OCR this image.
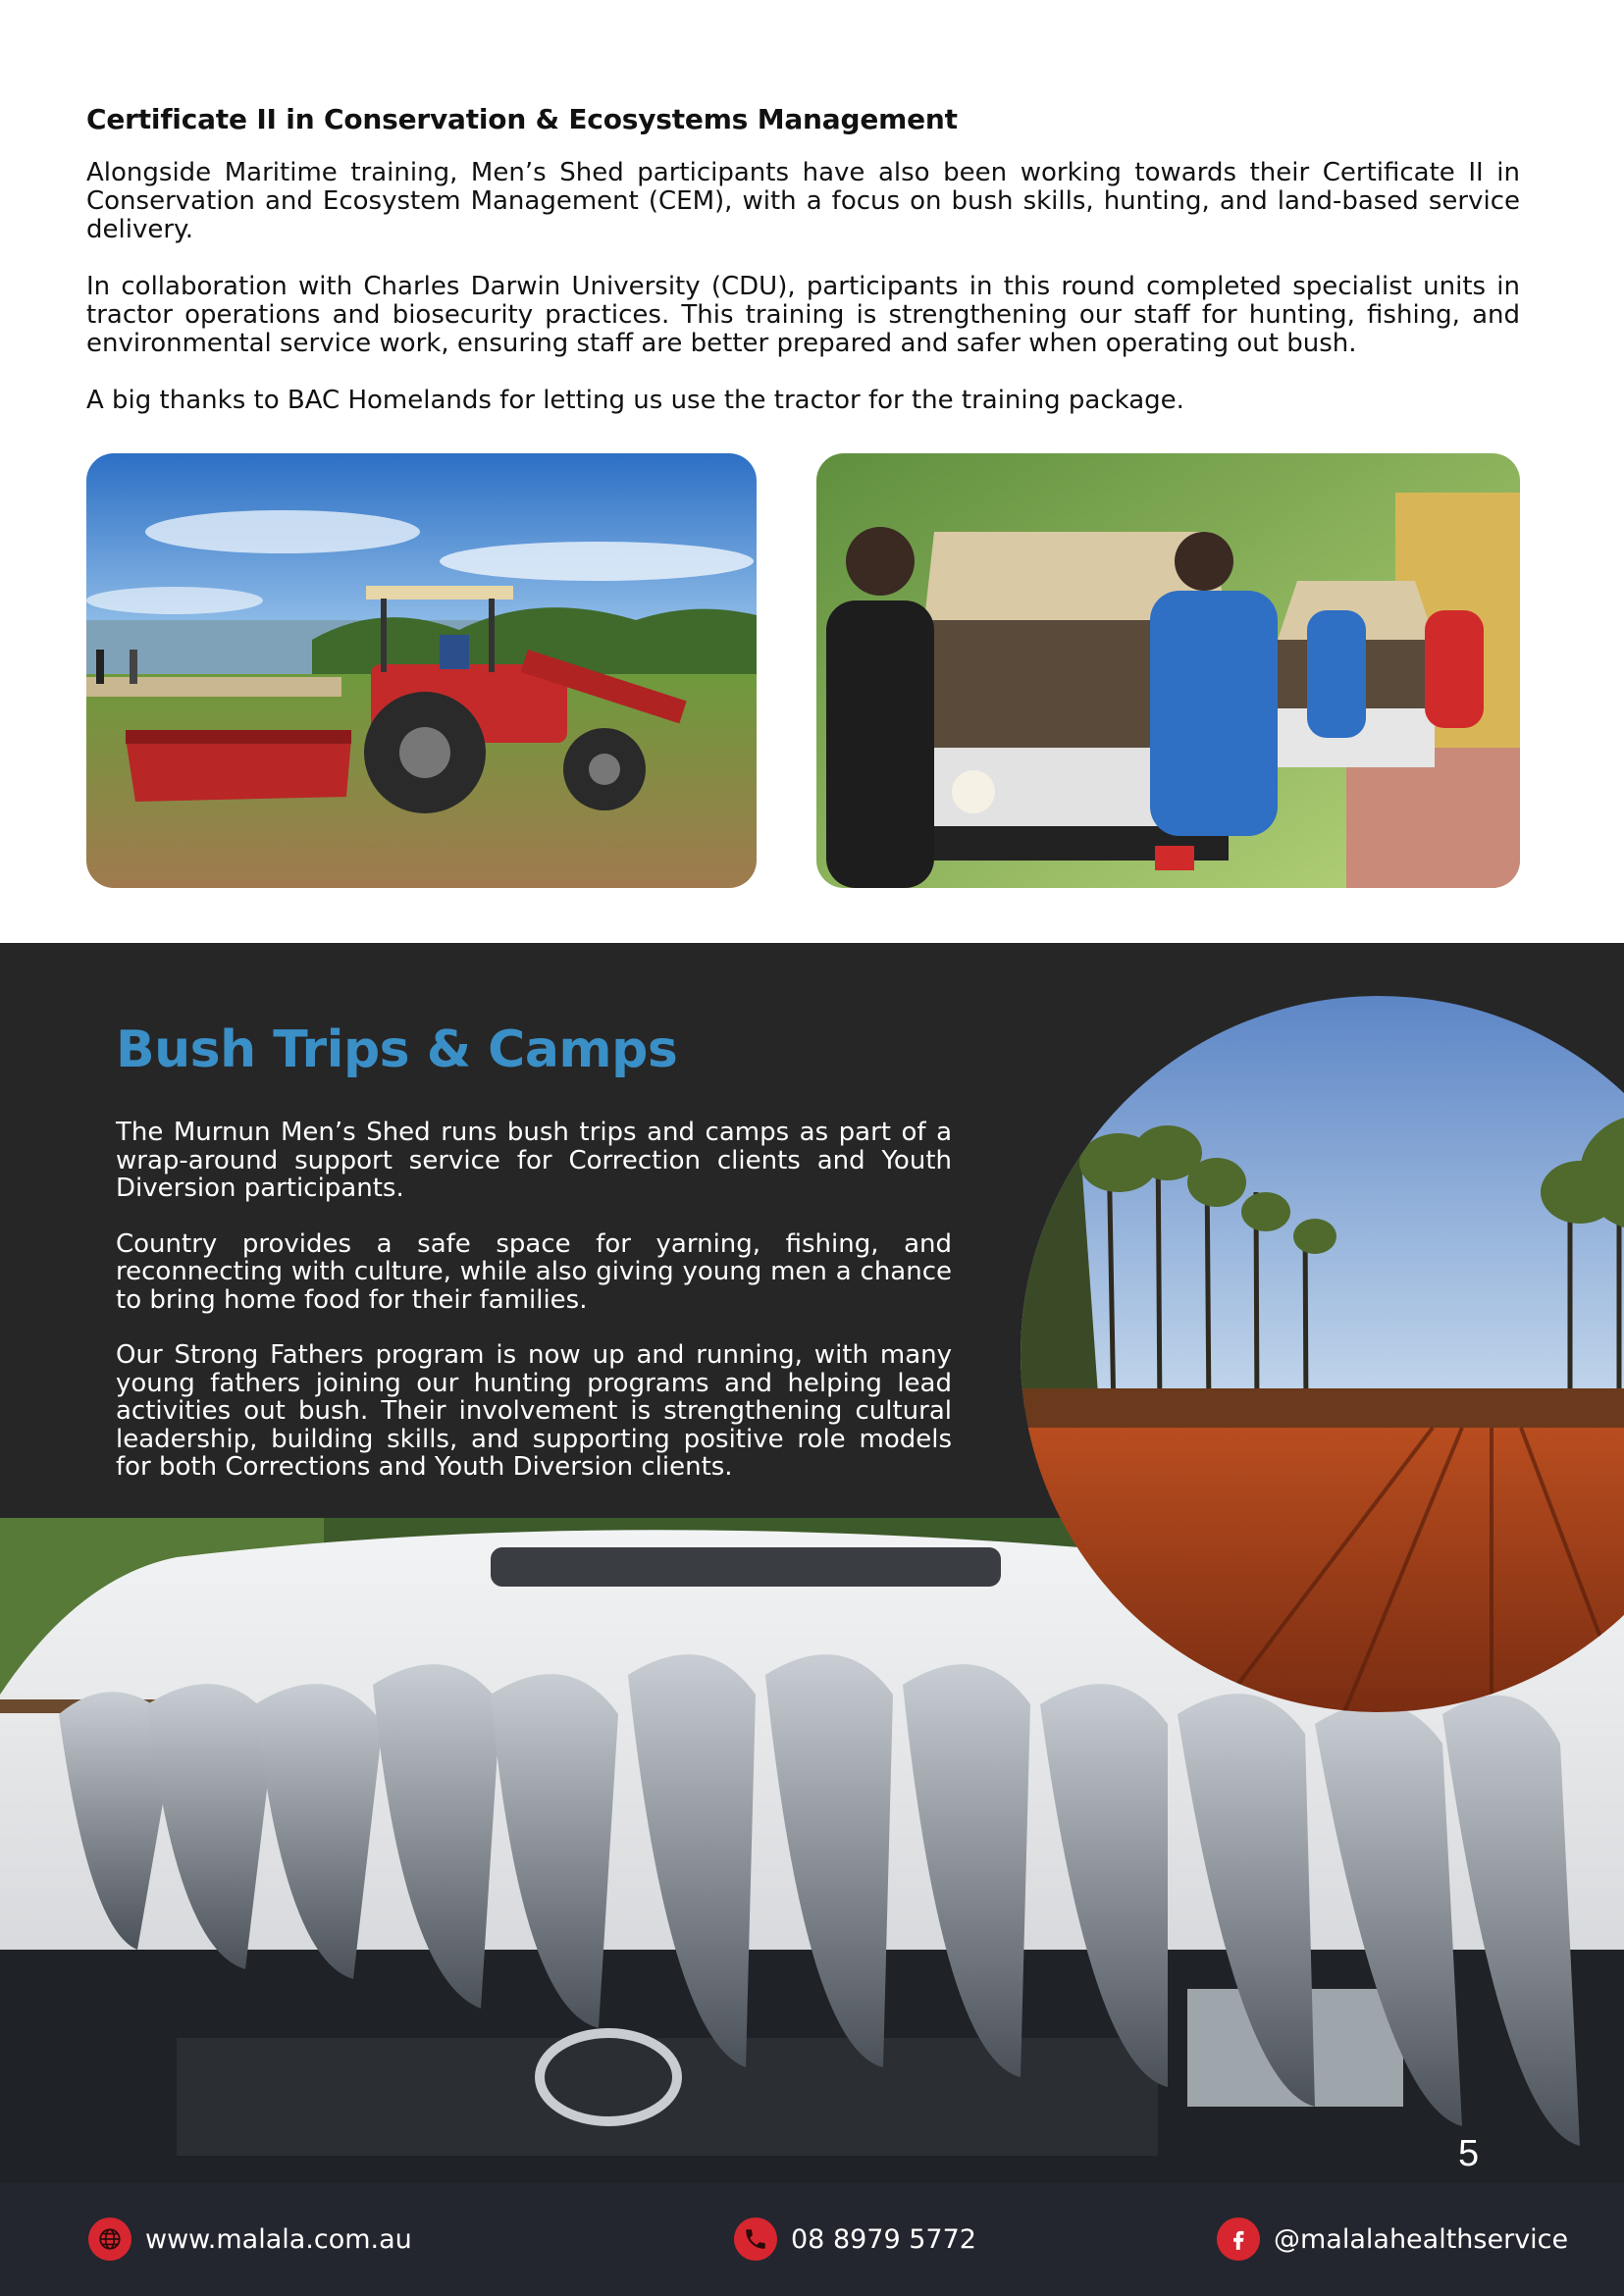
Certificate II in Conservation & Ecosystems Management

Alongside Maritime training, Men’s Shed participants have also been working towards their Certificate II in Conservation and Ecosystem Management (CEM), with a focus on bush skills, hunting, and land-based service delivery.

In collaboration with Charles Darwin University (CDU), participants in this round completed specialist units in tractor operations and biosecurity practices. This training is strengthening our staff for hunting, fishing, and environmental service work, ensuring staff are better prepared and safer when operating out bush.

A big thanks to BAC Homelands for letting us use the tractor for the training package.

Bush Trips & Camps

The Murnun Men’s Shed runs bush trips and camps as part of a wrap-around support service for Correction clients and Youth Diversion participants.

Country provides a safe space for yarning, fishing, and reconnecting with culture, while also giving young men a chance to bring home food for their families.

Our Strong Fathers program is now up and running, with many young fathers joining our hunting programs and helping lead activities out bush. Their involvement is strengthening cultural leadership, building skills, and supporting positive role models for both Corrections and Youth Diversion clients.

5
www.malala.com.au	08 8979 5772	@malalahealthservice
